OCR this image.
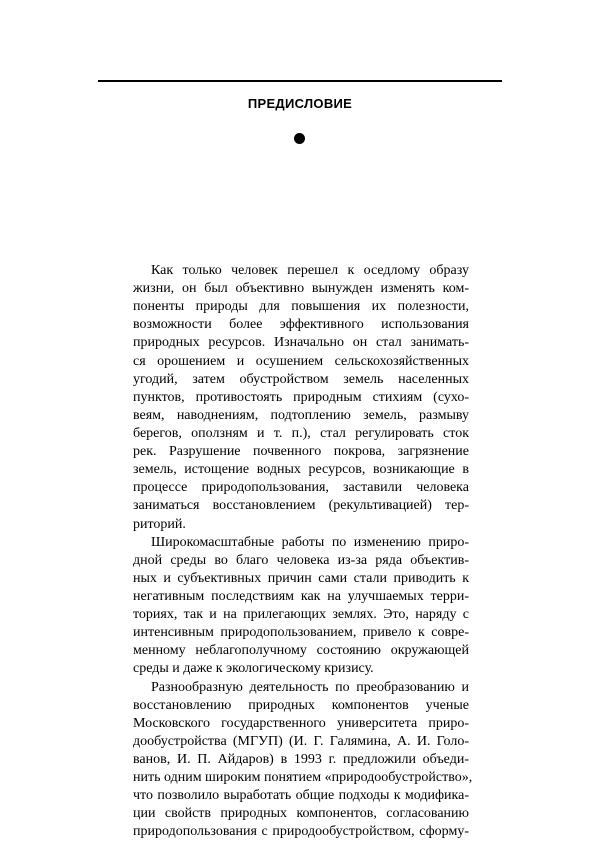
ПРЕДИСЛОВИЕ
Как только человек перешел к оседлому образу
жизни, он был объективно вынужден изменять ком-
поненты природы для повышения их полезности,
возможности более эффективного использования
природных ресурсов. Изначально он стал занимать-
ся орошением и осушением сельскохозяйственных
угодий, затем обустройством земель населенных
пунктов, противостоять природным стихиям (сухо-
веям, наводнениям, подтоплению земель, размыву
берегов, оползням и т. п.), стал регулировать сток
рек. Разрушение почвенного покрова, загрязнение
земель, истощение водных ресурсов, возникающие в
процессе природопользования, заставили человека
заниматься восстановлением (рекультивацией) тер-
риторий.
Широкомасштабные работы по изменению приро-
дной среды во благо человека из-за ряда объектив-
ных и субъективных причин сами стали приводить к
негативным последствиям как на улучшаемых терри-
ториях, так и на прилегающих землях. Это, наряду с
интенсивным природопользованием, привело к совре-
менному неблагополучному состоянию окружающей
среды и даже к экологическому кризису.
Разнообразную деятельность по преобразованию и
восстановлению природных компонентов ученые
Московского государственного университета приро-
дообустройства (МГУП) (И. Г. Галямина, А. И. Голо-
ванов, И. П. Айдаров) в 1993 г. предложили объеди-
нить одним широким понятием «природообустройство»,
что позволило выработать общие подходы к модифика-
ции свойств природных компонентов, согласованию
природопользования с природообустройством, сформу-
